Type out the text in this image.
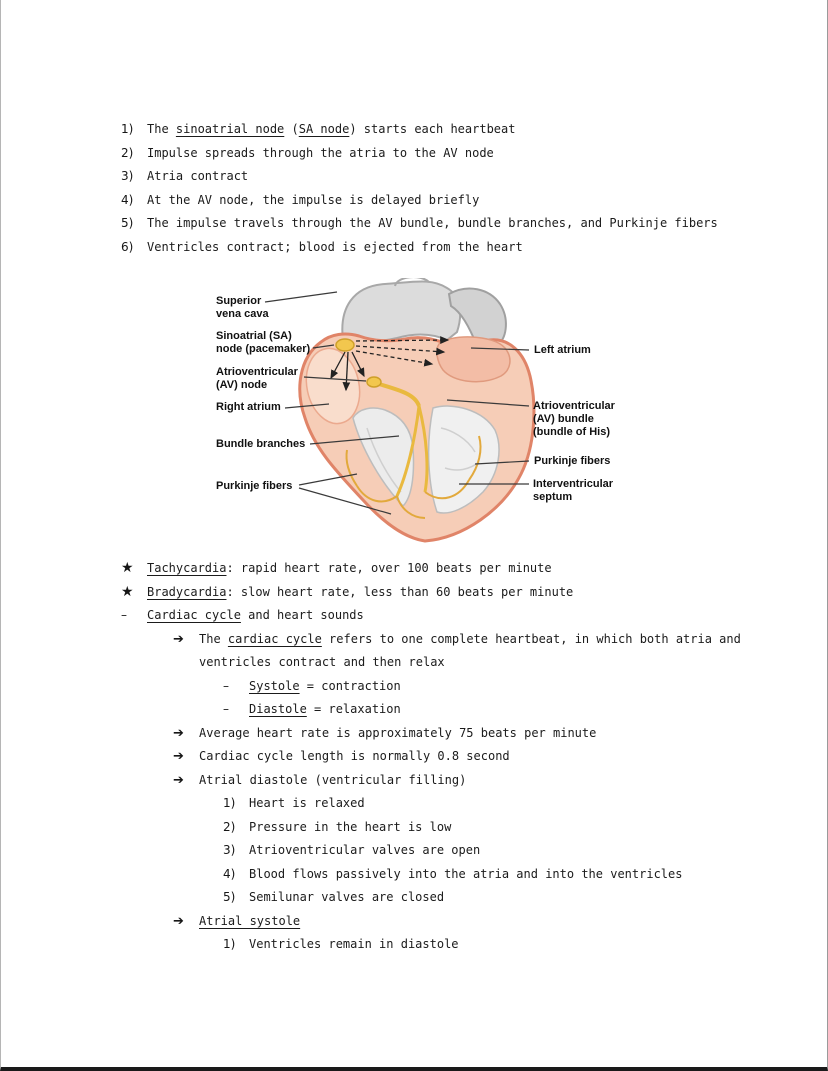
1)	The sinoatrial node (SA node) starts each heartbeat
2)	Impulse spreads through the atria to the AV node
3)	Atria contract
4)	At the AV node, the impulse is delayed briefly
5)	The impulse travels through the AV bundle, bundle branches, and Purkinje fibers
6)	Ventricles contract; blood is ejected from the heart
Superior vena cava
Sinoatrial (SA) node (pacemaker)
Atrioventricular (AV) node
Right atrium
Bundle branches
Purkinje fibers
Left atrium
Atrioventricular (AV) bundle (bundle of His)
Purkinje fibers
Interventricular septum
★	Tachycardia: rapid heart rate, over 100 beats per minute
★	Bradycardia: slow heart rate, less than 60 beats per minute
–	Cardiac cycle and heart sounds
➔	The cardiac cycle refers to one complete heartbeat, in which both atria and ventricles contract and then relax
–	Systole = contraction
–	Diastole = relaxation
➔	Average heart rate is approximately 75 beats per minute
➔	Cardiac cycle length is normally 0.8 second
➔	Atrial diastole (ventricular filling)
1)	Heart is relaxed
2)	Pressure in the heart is low
3)	Atrioventricular valves are open
4)	Blood flows passively into the atria and into the ventricles
5)	Semilunar valves are closed
➔	Atrial systole
1)	Ventricles remain in diastole
